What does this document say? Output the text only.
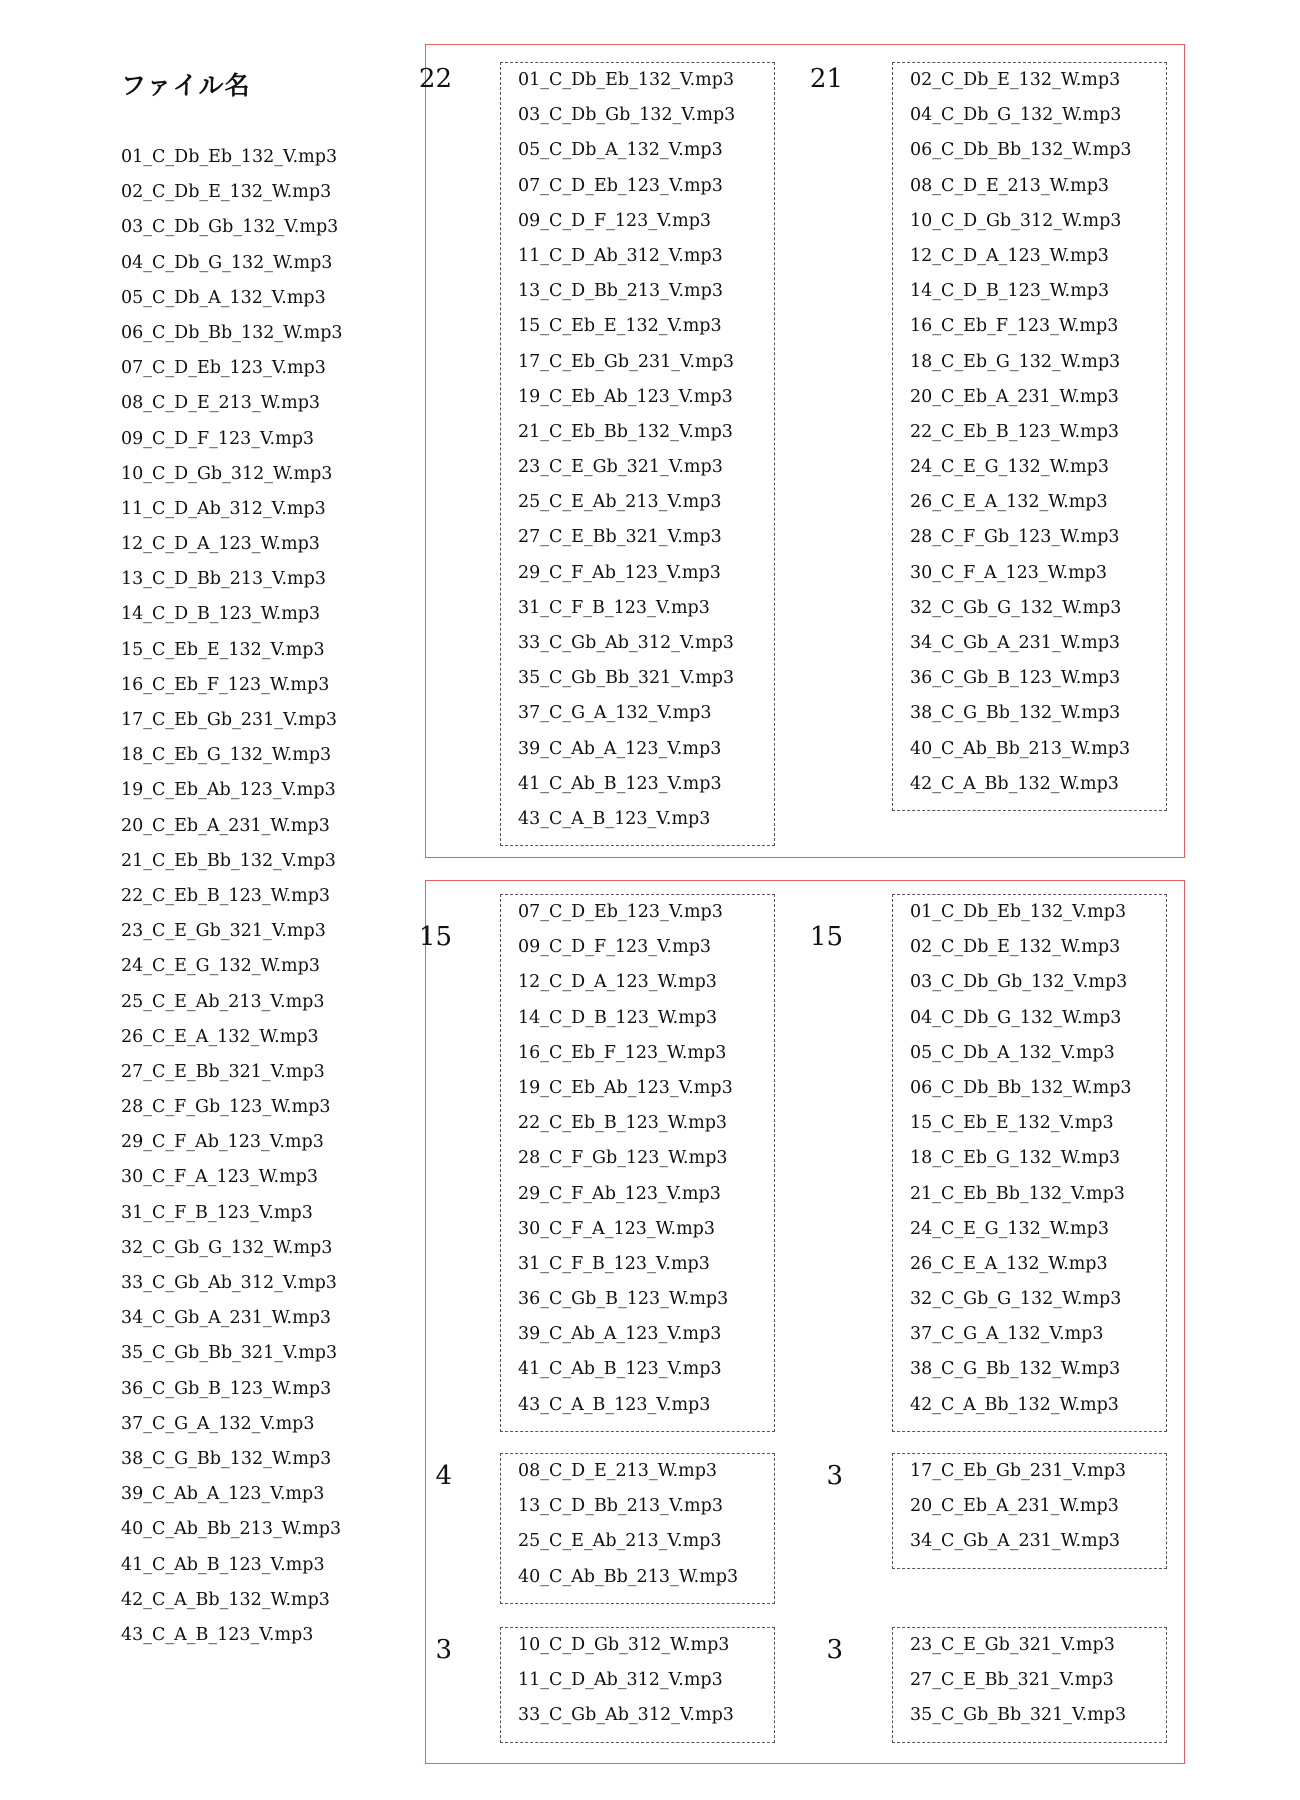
ファイル名
01_C_Db_Eb_132_V.mp3
02_C_Db_E_132_W.mp3
03_C_Db_Gb_132_V.mp3
04_C_Db_G_132_W.mp3
05_C_Db_A_132_V.mp3
06_C_Db_Bb_132_W.mp3
07_C_D_Eb_123_V.mp3
08_C_D_E_213_W.mp3
09_C_D_F_123_V.mp3
10_C_D_Gb_312_W.mp3
11_C_D_Ab_312_V.mp3
12_C_D_A_123_W.mp3
13_C_D_Bb_213_V.mp3
14_C_D_B_123_W.mp3
15_C_Eb_E_132_V.mp3
16_C_Eb_F_123_W.mp3
17_C_Eb_Gb_231_V.mp3
18_C_Eb_G_132_W.mp3
19_C_Eb_Ab_123_V.mp3
20_C_Eb_A_231_W.mp3
21_C_Eb_Bb_132_V.mp3
22_C_Eb_B_123_W.mp3
23_C_E_Gb_321_V.mp3
24_C_E_G_132_W.mp3
25_C_E_Ab_213_V.mp3
26_C_E_A_132_W.mp3
27_C_E_Bb_321_V.mp3
28_C_F_Gb_123_W.mp3
29_C_F_Ab_123_V.mp3
30_C_F_A_123_W.mp3
31_C_F_B_123_V.mp3
32_C_Gb_G_132_W.mp3
33_C_Gb_Ab_312_V.mp3
34_C_Gb_A_231_W.mp3
35_C_Gb_Bb_321_V.mp3
36_C_Gb_B_123_W.mp3
37_C_G_A_132_V.mp3
38_C_G_Bb_132_W.mp3
39_C_Ab_A_123_V.mp3
40_C_Ab_Bb_213_W.mp3
41_C_Ab_B_123_V.mp3
42_C_A_Bb_132_W.mp3
43_C_A_B_123_V.mp3
22	01_C_Db_Eb_132_V.mp3
03_C_Db_Gb_132_V.mp3
05_C_Db_A_132_V.mp3
07_C_D_Eb_123_V.mp3
09_C_D_F_123_V.mp3
11_C_D_Ab_312_V.mp3
13_C_D_Bb_213_V.mp3
15_C_Eb_E_132_V.mp3
17_C_Eb_Gb_231_V.mp3
19_C_Eb_Ab_123_V.mp3
21_C_Eb_Bb_132_V.mp3
23_C_E_Gb_321_V.mp3
25_C_E_Ab_213_V.mp3
27_C_E_Bb_321_V.mp3
29_C_F_Ab_123_V.mp3
31_C_F_B_123_V.mp3
33_C_Gb_Ab_312_V.mp3
35_C_Gb_Bb_321_V.mp3
37_C_G_A_132_V.mp3
39_C_Ab_A_123_V.mp3
41_C_Ab_B_123_V.mp3
43_C_A_B_123_V.mp3
21	02_C_Db_E_132_W.mp3
04_C_Db_G_132_W.mp3
06_C_Db_Bb_132_W.mp3
08_C_D_E_213_W.mp3
10_C_D_Gb_312_W.mp3
12_C_D_A_123_W.mp3
14_C_D_B_123_W.mp3
16_C_Eb_F_123_W.mp3
18_C_Eb_G_132_W.mp3
20_C_Eb_A_231_W.mp3
22_C_Eb_B_123_W.mp3
24_C_E_G_132_W.mp3
26_C_E_A_132_W.mp3
28_C_F_Gb_123_W.mp3
30_C_F_A_123_W.mp3
32_C_Gb_G_132_W.mp3
34_C_Gb_A_231_W.mp3
36_C_Gb_B_123_W.mp3
38_C_G_Bb_132_W.mp3
40_C_Ab_Bb_213_W.mp3
42_C_A_Bb_132_W.mp3
15
07_C_D_Eb_123_V.mp3
09_C_D_F_123_V.mp3
12_C_D_A_123_W.mp3
14_C_D_B_123_W.mp3
16_C_Eb_F_123_W.mp3
19_C_Eb_Ab_123_V.mp3
22_C_Eb_B_123_W.mp3
28_C_F_Gb_123_W.mp3
29_C_F_Ab_123_V.mp3
30_C_F_A_123_W.mp3
31_C_F_B_123_V.mp3
36_C_Gb_B_123_W.mp3
39_C_Ab_A_123_V.mp3
41_C_Ab_B_123_V.mp3
43_C_A_B_123_V.mp3
15
01_C_Db_Eb_132_V.mp3
02_C_Db_E_132_W.mp3
03_C_Db_Gb_132_V.mp3
04_C_Db_G_132_W.mp3
05_C_Db_A_132_V.mp3
06_C_Db_Bb_132_W.mp3
15_C_Eb_E_132_V.mp3
18_C_Eb_G_132_W.mp3
21_C_Eb_Bb_132_V.mp3
24_C_E_G_132_W.mp3
26_C_E_A_132_W.mp3
32_C_Gb_G_132_W.mp3
37_C_G_A_132_V.mp3
38_C_G_Bb_132_W.mp3
42_C_A_Bb_132_W.mp3
4	08_C_D_E_213_W.mp3
13_C_D_Bb_213_V.mp3
25_C_E_Ab_213_V.mp3
40_C_Ab_Bb_213_W.mp3
3	17_C_Eb_Gb_231_V.mp3
20_C_Eb_A_231_W.mp3
34_C_Gb_A_231_W.mp3
3	10_C_D_Gb_312_W.mp3
11_C_D_Ab_312_V.mp3
33_C_Gb_Ab_312_V.mp3
3	23_C_E_Gb_321_V.mp3
27_C_E_Bb_321_V.mp3
35_C_Gb_Bb_321_V.mp3
